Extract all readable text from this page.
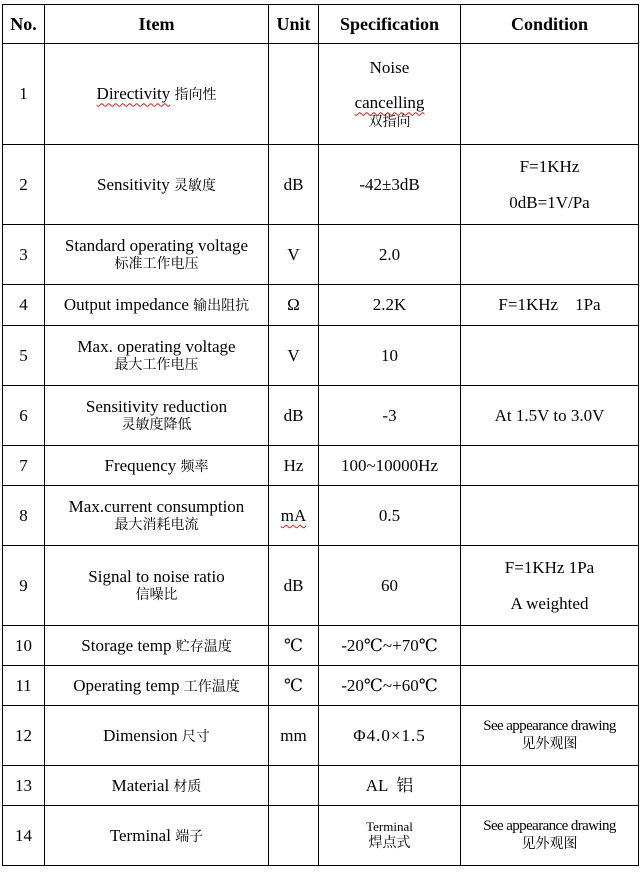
No.	Item	Unit	Specification	Condition
1	Directivity 指向性		Noise
cancelling
双指向	

2	Sensitivity 灵敏度	dB	-42±3dB	F=1KHz
0dB=1V/Pa

3	Standard operating voltage
标准工作电压	V	2.0	
4	Output impedance 输出阻抗	Ω	2.2K	F=1KHz    1Pa
5	Max. operating voltage
最大工作电压	V	10	
6	Sensitivity reduction
灵敏度降低	dB	-3	At 1.5V to 3.0V
7	Frequency 频率	Hz	100~10000Hz	
8	Max.current consumption
最大消耗电流	mA	0.5	
9	Signal to noise ratio
信噪比	dB	60	F=1KHz 1Pa
A weighted

10	Storage temp 贮存温度	℃	-20℃~+70℃	
11	Operating temp 工作温度	℃	-20℃~+60℃	
12	Dimension 尺寸	mm	Φ4.0×1.5	See appearance drawing
见外观图

13	Material 材质		AL  铝	
14	Terminal 端子		Terminal
焊点式	See appearance drawing
见外观图
